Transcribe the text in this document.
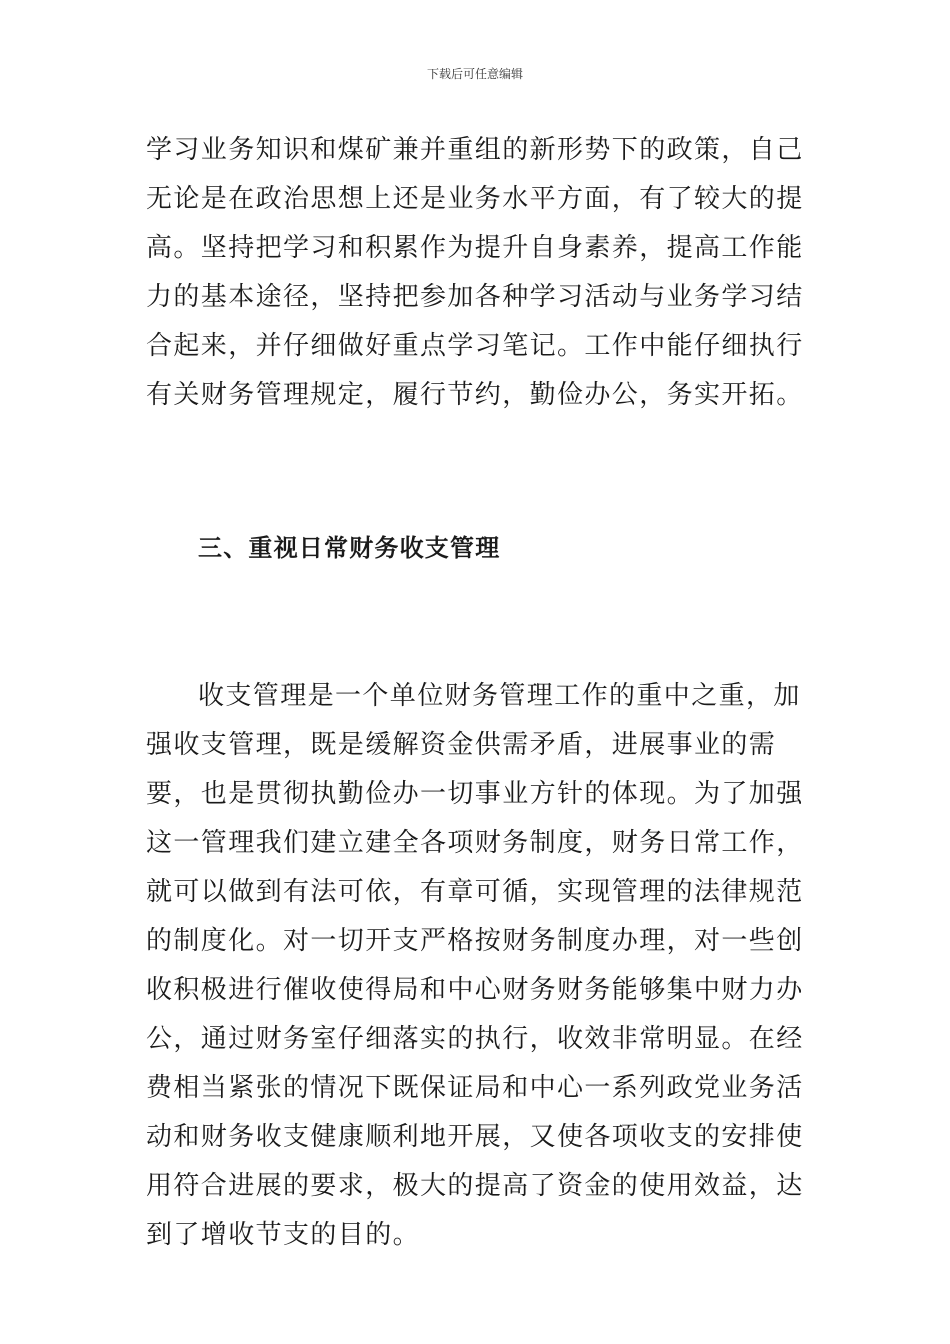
下载后可任意编辑

学习业务知识和煤矿兼并重组的新形势下的政策，自己无论是在政治思想上还是业务水平方面，有了较大的提高。坚持把学习和积累作为提升自身素养，提高工作能力的基本途径，坚持把参加各种学习活动与业务学习结合起来，并仔细做好重点学习笔记。工作中能仔细执行有关财务管理规定，履行节约，勤俭办公，务实开拓。

三、重视日常财务收支管理

收支管理是一个单位财务管理工作的重中之重，加强收支管理，既是缓解资金供需矛盾，进展事业的需要，也是贯彻执勤俭办一切事业方针的体现。为了加强这一管理我们建立建全各项财务制度，财务日常工作，就可以做到有法可依，有章可循，实现管理的法律规范的制度化。对一切开支严格按财务制度办理，对一些创收积极进行催收使得局和中心财务财务能够集中财力办公，通过财务室仔细落实的执行，收效非常明显。在经费相当紧张的情况下既保证局和中心一系列政党业务活动和财务收支健康顺利地开展，又使各项收支的安排使用符合进展的要求，极大的提高了资金的使用效益，达到了增收节支的目的。
